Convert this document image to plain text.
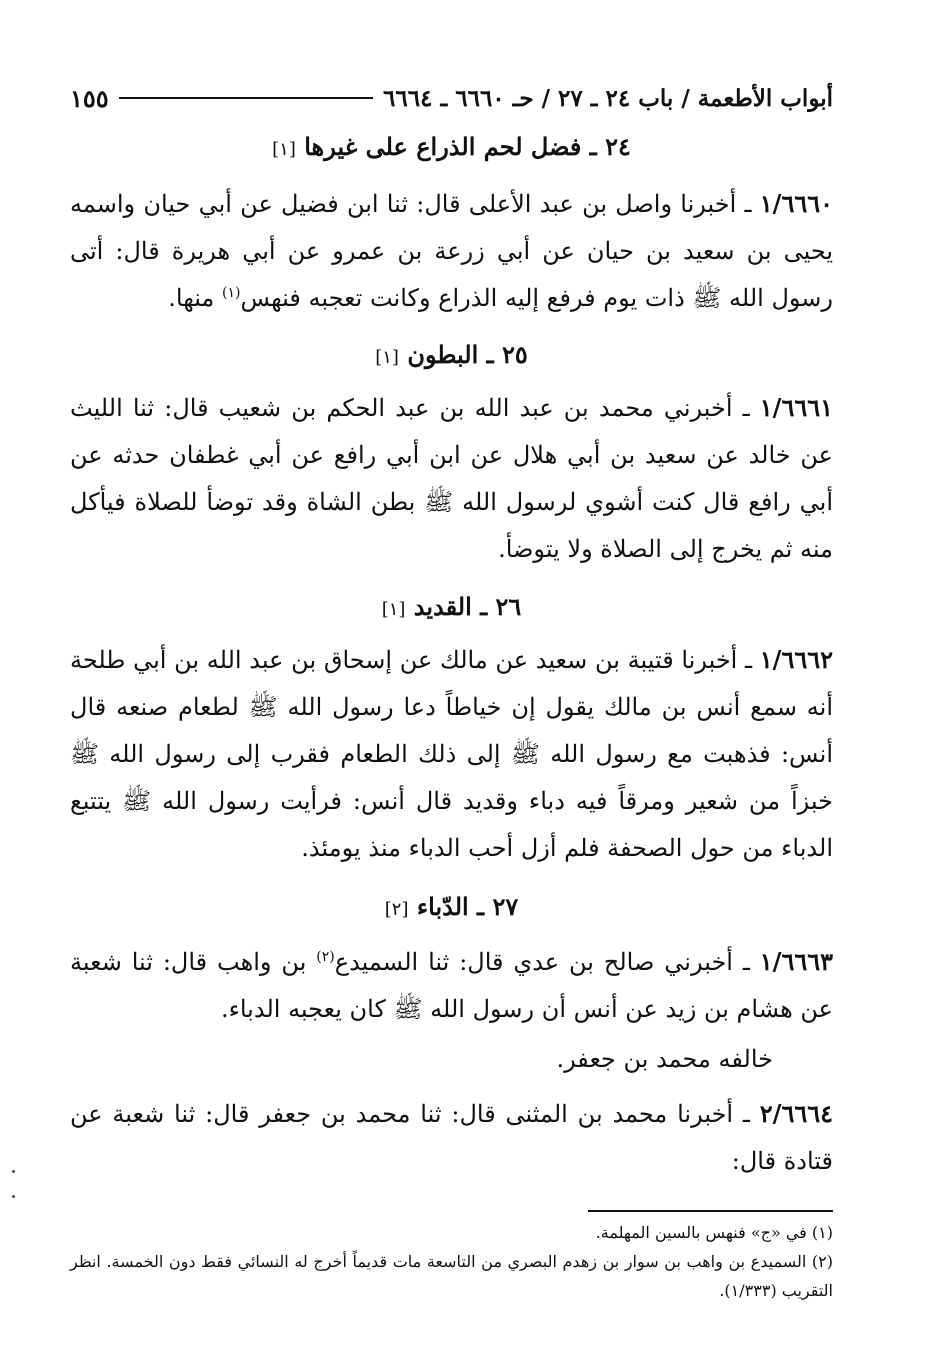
أبواب الأطعمة / باب ٢٤ ـ ٢٧ / حـ ٦٦٦٠ ـ ٦٦٦٤
١٥٥
٢٤ ـ فضل لحم الذراع على غيرها [١]
١/٦٦٦٠ ـ أخبرنا واصل بن عبد الأعلى قال: ثنا ابن فضيل عن أبي حيان واسمه يحيى بن سعيد بن حيان عن أبي زرعة بن عمرو عن أبي هريرة قال: أتى رسول الله ﷺ ذات يوم فرفع إليه الذراع وكانت تعجبه فنهس$^{(١)}$ منها.
٢٥ ـ البطون [١]
١/٦٦٦١ ـ أخبرني محمد بن عبد الله بن عبد الحكم بن شعيب قال: ثنا الليث عن خالد عن سعيد بن أبي هلال عن ابن أبي رافع عن أبي غطفان حدثه عن أبي رافع قال كنت أشوي لرسول الله ﷺ بطن الشاة وقد توضأ للصلاة فيأكل منه ثم يخرج إلى الصلاة ولا يتوضأ.
٢٦ ـ القديد [١]
١/٦٦٦٢ ـ أخبرنا قتيبة بن سعيد عن مالك عن إسحاق بن عبد الله بن أبي طلحة أنه سمع أنس بن مالك يقول إن خياطاً دعا رسول الله ﷺ لطعام صنعه قال أنس: فذهبت مع رسول الله ﷺ إلى ذلك الطعام فقرب إلى رسول الله ﷺ خبزاً من شعير ومرقاً فيه دباء وقديد قال أنس: فرأيت رسول الله ﷺ يتتبع الدباء من حول الصحفة فلم أزل أحب الدباء منذ يومئذ.
٢٧ ـ الدّباء [٢]
١/٦٦٦٣ ـ أخبرني صالح بن عدي قال: ثنا السميدع$^{(٢)}$ بن واهب قال: ثنا شعبة عن هشام بن زيد عن أنس أن رسول الله ﷺ كان يعجبه الدباء.
خالفه محمد بن جعفر.
٢/٦٦٦٤ ـ أخبرنا محمد بن المثنى قال: ثنا محمد بن جعفر قال: ثنا شعبة عن قتادة قال:
(١) في «ج» فنهس بالسين المهلمة.
(٢) السميدع بن واهب بن سوار بن زهدم البصري من التاسعة مات قديماً أخرج له النسائي فقط دون الخمسة. انظر التقريب (١/٣٣٣).
